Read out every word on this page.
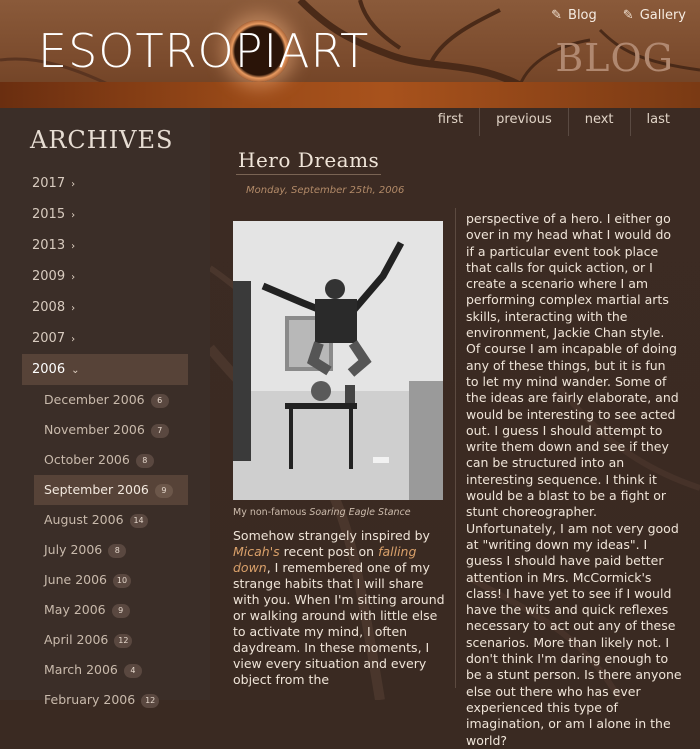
ESOTROPIART
✎ Blog ✎ Gallery
BLOG
ARCHIVES
2017 ›
2015 ›
2013 ›
2009 ›
2008 ›
2007 ›
2006 ⌄
December 2006 6
November 2006 7
October 2006 8
September 2006 9
August 2006 14
July 2006 8
June 2006 10
May 2006 9
April 2006 12
March 2006 4
February 2006 12
first	previous	next	last
Hero Dreams
Monday, September 25th, 2006
My non-famous Soaring Eagle Stance
Somehow strangely inspired by Micah's recent post on falling down, I remembered one of my strange habits that I will share with you. When I'm sitting around or walking around with little else to activate my mind, I often daydream. In these moments, I view every situation and every object from the
perspective of a hero. I either go over in my head what I would do if a particular event took place that calls for quick action, or I create a scenario where I am performing complex martial arts skills, interacting with the environment, Jackie Chan style. Of course I am incapable of doing any of these things, but it is fun to let my mind wander. Some of the ideas are fairly elaborate, and would be interesting to see acted out. I guess I should attempt to write them down and see if they can be structured into an interesting sequence. I think it would be a blast to be a fight or stunt choreographer. Unfortunately, I am not very good at "writing down my ideas". I guess I should have paid better attention in Mrs. McCormick's class! I have yet to see if I would have the wits and quick reflexes necessary to act out any of these scenarios. More than likely not. I don't think I'm daring enough to be a stunt person. Is there anyone else out there who has ever experienced this type of imagination, or am I alone in the world?
